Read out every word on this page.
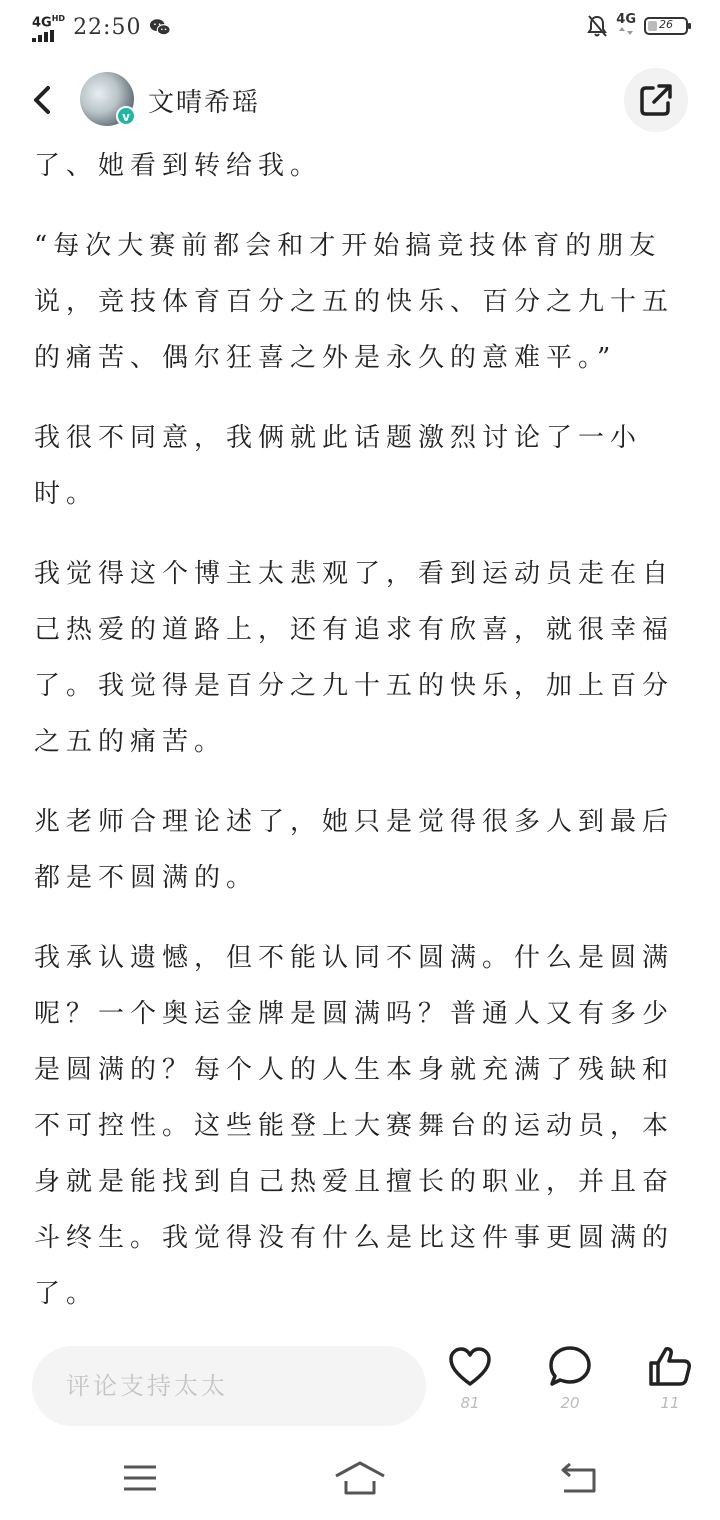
$4G^{HD}$ 22:50	4G	26
v 文晴希瑶

了、她看到转给我。

“每次大赛前都会和才开始搞竞技体育的朋友说，竞技体育百分之五的快乐、百分之九十五的痛苦、偶尔狂喜之外是永久的意难平。”

我很不同意，我俩就此话题激烈讨论了一小时。

我觉得这个博主太悲观了，看到运动员走在自己热爱的道路上，还有追求有欣喜，就很幸福了。我觉得是百分之九十五的快乐，加上百分之五的痛苦。

兆老师合理论述了，她只是觉得很多人到最后都是不圆满的。

我承认遗憾，但不能认同不圆满。什么是圆满呢？一个奥运金牌是圆满吗？普通人又有多少是圆满的？每个人的人生本身就充满了残缺和不可控性。这些能登上大赛舞台的运动员，本身就是能找到自己热爱且擅长的职业，并且奋斗终生。我觉得没有什么是比这件事更圆满的了。

评论支持太太
81	20	11
